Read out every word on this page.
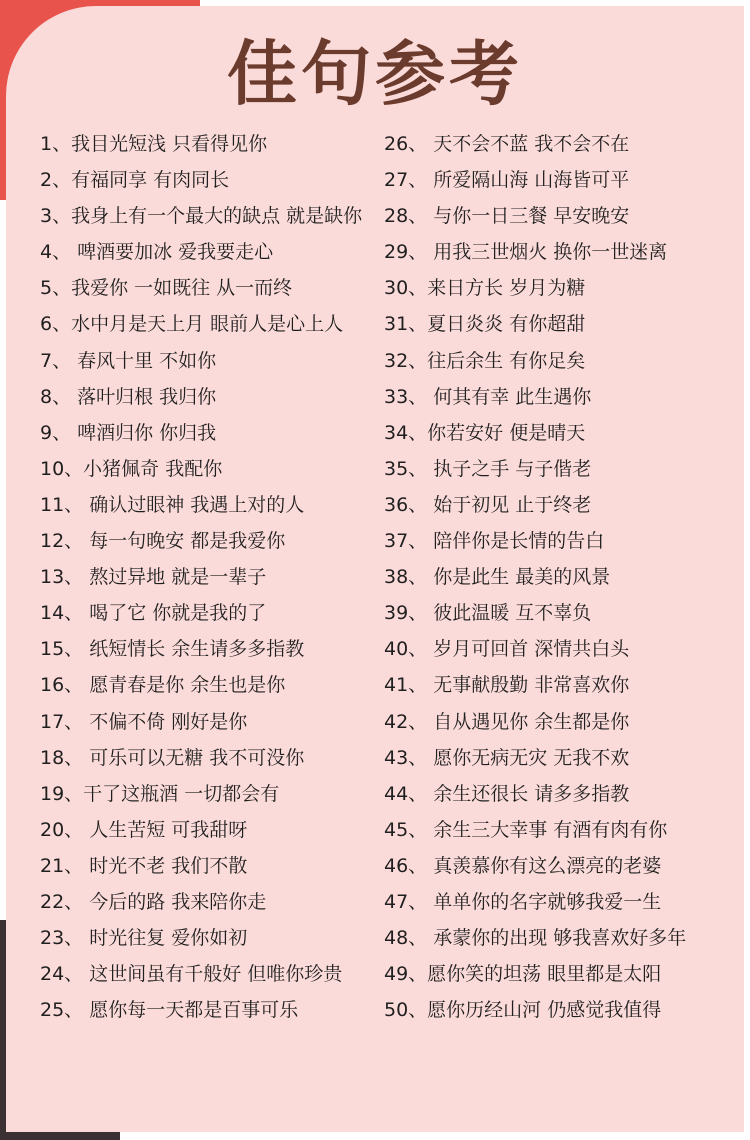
佳句参考
1、我目光短浅 只看得见你
2、有福同享 有肉同长
3、我身上有一个最大的缺点 就是缺你
4、 啤酒要加冰 爱我要走心
5、我爱你 一如既往 从一而终
6、水中月是天上月 眼前人是心上人
7、 春风十里 不如你
8、 落叶归根 我归你
9、 啤酒归你 你归我
10、小猪佩奇 我配你
11、 确认过眼神 我遇上对的人
12、 每一句晚安 都是我爱你
13、 熬过异地 就是一辈子
14、 喝了它 你就是我的了
15、 纸短情长 余生请多多指教
16、 愿青春是你 余生也是你
17、 不偏不倚 刚好是你
18、 可乐可以无糖 我不可没你
19、干了这瓶酒 一切都会有
20、 人生苦短 可我甜呀
21、 时光不老 我们不散
22、 今后的路 我来陪你走
23、 时光往复 爱你如初
24、 这世间虽有千般好 但唯你珍贵
25、 愿你每一天都是百事可乐
26、 天不会不蓝 我不会不在
27、 所爱隔山海 山海皆可平
28、 与你一日三餐 早安晚安
29、 用我三世烟火 换你一世迷离
30、来日方长 岁月为糖
31、夏日炎炎 有你超甜
32、往后余生 有你足矣
33、 何其有幸 此生遇你
34、你若安好 便是晴天
35、 执子之手 与子偕老
36、 始于初见 止于终老
37、 陪伴你是长情的告白
38、 你是此生 最美的风景
39、 彼此温暖 互不辜负
40、 岁月可回首 深情共白头
41、 无事献殷勤 非常喜欢你
42、 自从遇见你 余生都是你
43、 愿你无病无灾 无我不欢
44、 余生还很长 请多多指教
45、 余生三大幸事 有酒有肉有你
46、 真羡慕你有这么漂亮的老婆
47、 单单你的名字就够我爱一生
48、 承蒙你的出现 够我喜欢好多年
49、愿你笑的坦荡 眼里都是太阳
50、愿你历经山河 仍感觉我值得
